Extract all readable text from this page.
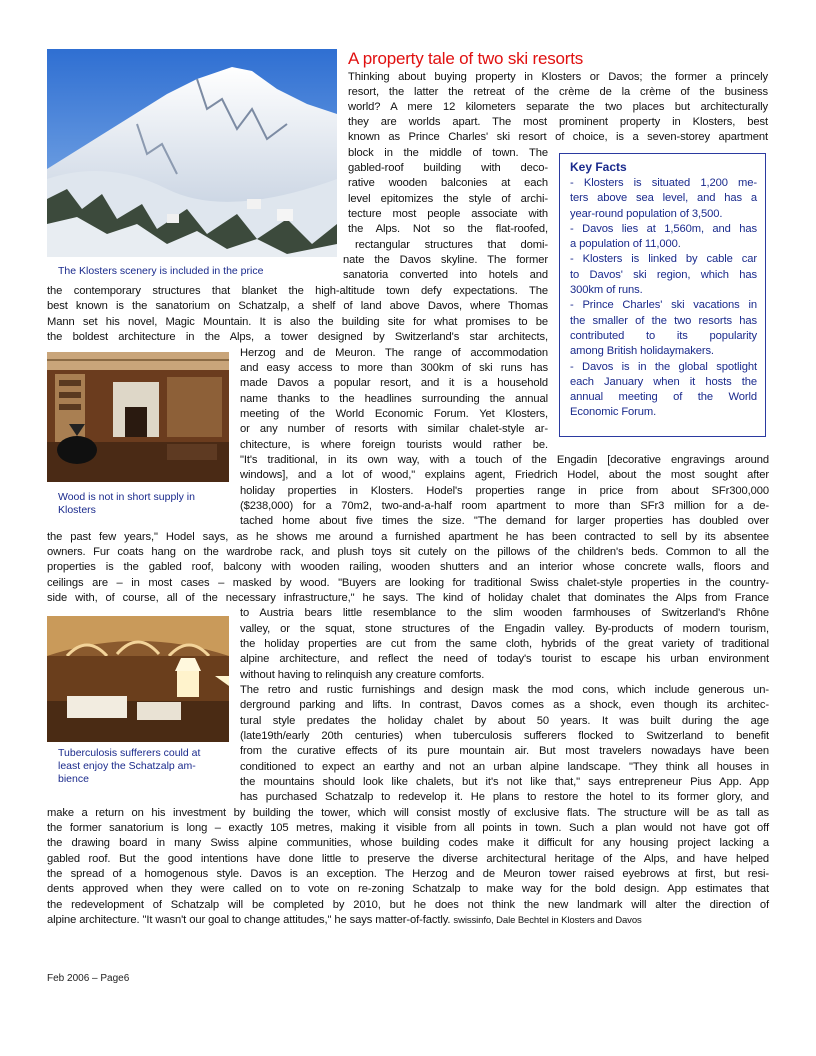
The Klosters scenery is included in the price
Wood is not in short supply in Klosters
Tuberculosis sufferers could at least enjoy the Schatzalp am-bience
A property tale of two ski resorts
Key Facts
- Klosters is situated 1,200 me-
ters above sea level, and has a
year-round population of 3,500.
- Davos lies at 1,560m, and has
a population of 11,000.
- Klosters is linked by cable car
to Davos' ski region, which has
300km of runs.
- Prince Charles' ski vacations in
the smaller of the two resorts has
contributed to its popularity
among British holidaymakers.
- Davos is in the global spotlight
each January when it hosts the
annual meeting of the World
Economic Forum.
Thinking about buying property in Klosters or Davos; the former a princely
resort, the latter the retreat of the crème de la crème of the business
world? A mere 12 kilometers separate the two places but architecturally
they are worlds apart. The most prominent property in Klosters, best
known as Prince Charles' ski resort of choice, is a seven-storey apartment
block in the middle of town. The
gabled-roof building with deco-
rative wooden balconies at each
level epitomizes the style of archi-
tecture most people associate with
the Alps. Not so the flat-roofed,
rectangular structures that domi-
nate the Davos skyline. The former
sanatoria converted into hotels and
the contemporary structures that blanket the high-altitude town defy expectations. The
best known is the sanatorium on Schatzalp, a shelf of land above Davos, where Thomas
Mann set his novel, Magic Mountain. It is also the building site for what promises to be
the boldest architecture in the Alps, a tower designed by Switzerland's star architects,
Herzog and de Meuron. The range of accommodation
and easy access to more than 300km of ski runs has
made Davos a popular resort, and it is a household
name thanks to the headlines surrounding the annual
meeting of the World Economic Forum. Yet Klosters,
or any number of resorts with similar chalet-style ar-
chitecture, is where foreign tourists would rather be.
"It's traditional, in its own way, with a touch of the Engadin [decorative engravings around
windows], and a lot of wood," explains agent, Friedrich Hodel, about the most sought after
holiday properties in Klosters. Hodel's properties range in price from about SFr300,000
($238,000) for a 70m2, two-and-a-half room apartment to more than SFr3 million for a de-
tached home about five times the size. "The demand for larger properties has doubled over
the past few years," Hodel says, as he shows me around a furnished apartment he has been contracted to sell by its absentee
owners. Fur coats hang on the wardrobe rack, and plush toys sit cutely on the pillows of the children's beds. Common to all the
properties is the gabled roof, balcony with wooden railing, wooden shutters and an interior whose concrete walls, floors and
ceilings are – in most cases – masked by wood. "Buyers are looking for traditional Swiss chalet-style properties in the country-
side with, of course, all of the necessary infrastructure," he says. The kind of holiday chalet that dominates the Alps from France
to Austria bears little resemblance to the slim wooden farmhouses of Switzerland's Rhône
valley, or the squat, stone structures of the Engadin valley. By-products of modern tourism,
the holiday properties are cut from the same cloth, hybrids of the great variety of traditional
alpine architecture, and reflect the need of today's tourist to escape his urban environment
without having to relinquish any creature comforts.
The retro and rustic furnishings and design mask the mod cons, which include generous un-
derground parking and lifts. In contrast, Davos comes as a shock, even though its architec-
tural style predates the holiday chalet by about 50 years. It was built during the age
(late19th/early 20th centuries) when tuberculosis sufferers flocked to Switzerland to benefit
from the curative effects of its pure mountain air. But most travelers nowadays have been
conditioned to expect an earthy and not an urban alpine landscape. "They think all houses in
the mountains should look like chalets, but it's not like that," says entrepreneur Pius App. App
has purchased Schatzalp to redevelop it. He plans to restore the hotel to its former glory, and
make a return on his investment by building the tower, which will consist mostly of exclusive flats. The structure will be as tall as
the former sanatorium is long – exactly 105 metres, making it visible from all points in town. Such a plan would not have got off
the drawing board in many Swiss alpine communities, whose building codes make it difficult for any housing project lacking a
gabled roof. But the good intentions have done little to preserve the diverse architectural heritage of the Alps, and have helped
the spread of a homogenous style. Davos is an exception. The Herzog and de Meuron tower raised eyebrows at first, but resi-
dents approved when they were called on to vote on re-zoning Schatzalp to make way for the bold design. App estimates that
the redevelopment of Schatzalp will be completed by 2010, but he does not think the new landmark will alter the direction of
alpine architecture. "It wasn't our goal to change attitudes," he says matter-of-factly. swissinfo, Dale Bechtel in Klosters and Davos
Feb 2006 – Page6
